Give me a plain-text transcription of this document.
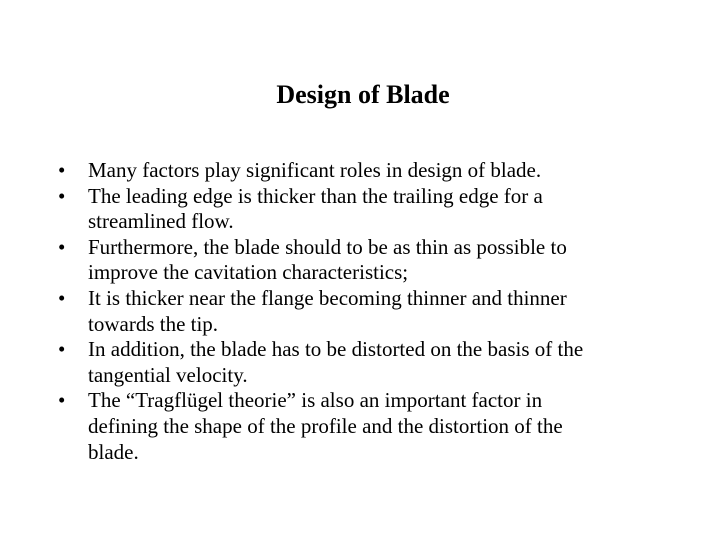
Design of Blade
•	Many factors play significant roles in design of blade.
•	The leading edge is thicker than the trailing edge for a
streamlined flow.
•	Furthermore, the blade should to be as thin as possible to
improve the cavitation characteristics;
•	It is thicker near the flange becoming thinner and thinner
towards the tip.
•	In addition, the blade has to be distorted on the basis of the
tangential velocity.
•	The “Tragflügel theorie” is also an important factor in
defining the shape of the profile and the distortion of the
blade.
